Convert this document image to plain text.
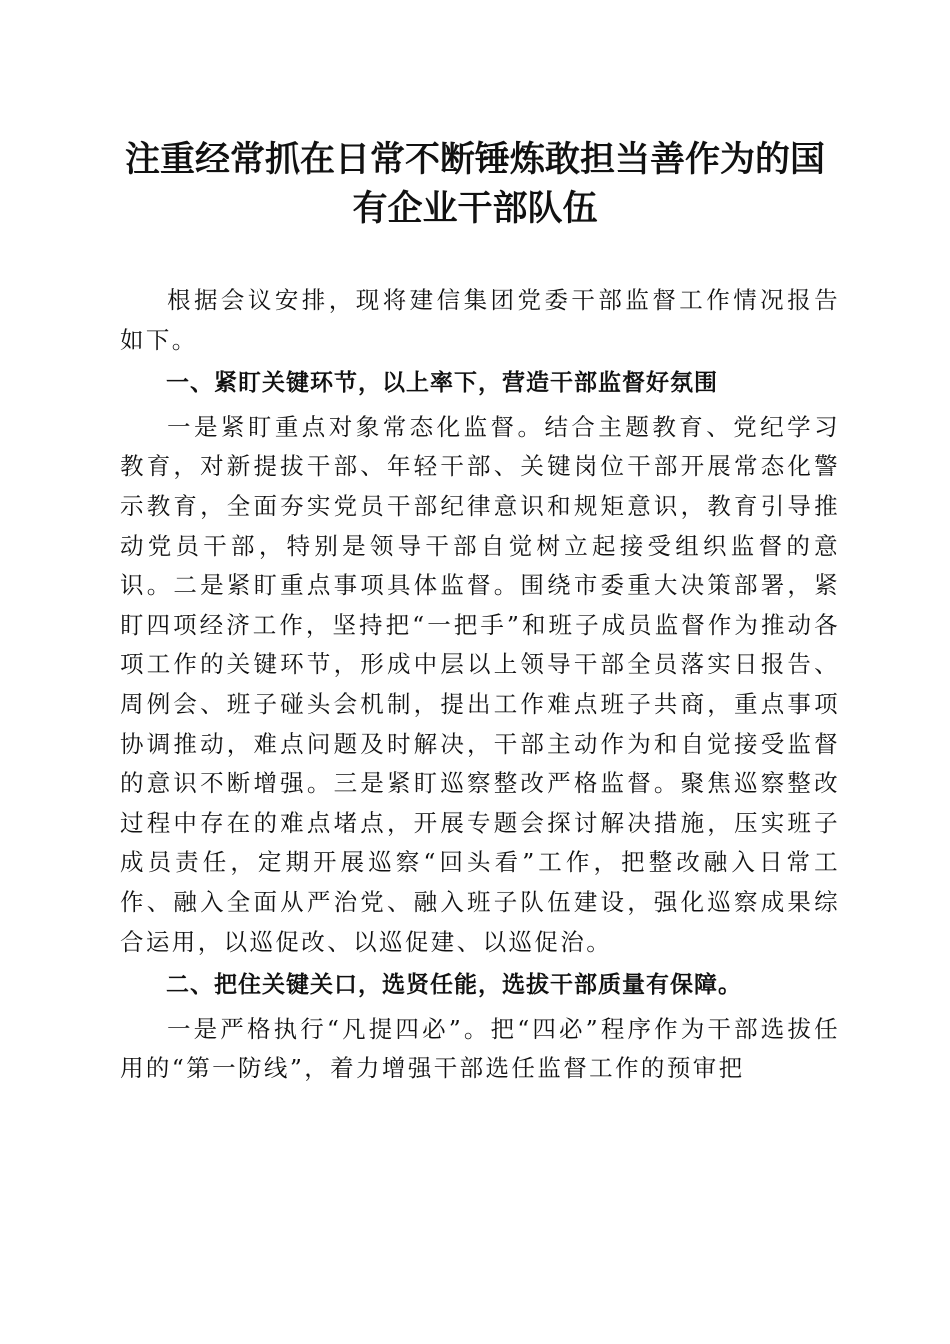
注重经常抓在日常不断锤炼敢担当善作为的国
有企业干部队伍

根据会议安排，现将建信集团党委干部监督工作情况报告如下。

一、紧盯关键环节，以上率下，营造干部监督好氛围

一是紧盯重点对象常态化监督。结合主题教育、党纪学习教育，对新提拔干部、年轻干部、关键岗位干部开展常态化警示教育，全面夯实党员干部纪律意识和规矩意识，教育引导推动党员干部，特别是领导干部自觉树立起接受组织监督的意识。二是紧盯重点事项具体监督。围绕市委重大决策部署，紧盯四项经济工作，坚持把“一把手”和班子成员监督作为推动各项工作的关键环节，形成中层以上领导干部全员落实日报告、周例会、班子碰头会机制，提出工作难点班子共商，重点事项协调推动，难点问题及时解决，干部主动作为和自觉接受监督的意识不断增强。三是紧盯巡察整改严格监督。聚焦巡察整改过程中存在的难点堵点，开展专题会探讨解决措施，压实班子成员责任，定期开展巡察“回头看”工作，把整改融入日常工作、融入全面从严治党、融入班子队伍建设，强化巡察成果综合运用，以巡促改、以巡促建、以巡促治。

二、把住关键关口，选贤任能，选拔干部质量有保障。

一是严格执行“凡提四必”。把“四必”程序作为干部选拔任用的“第一防线”，着力增强干部选任监督工作的预审把
